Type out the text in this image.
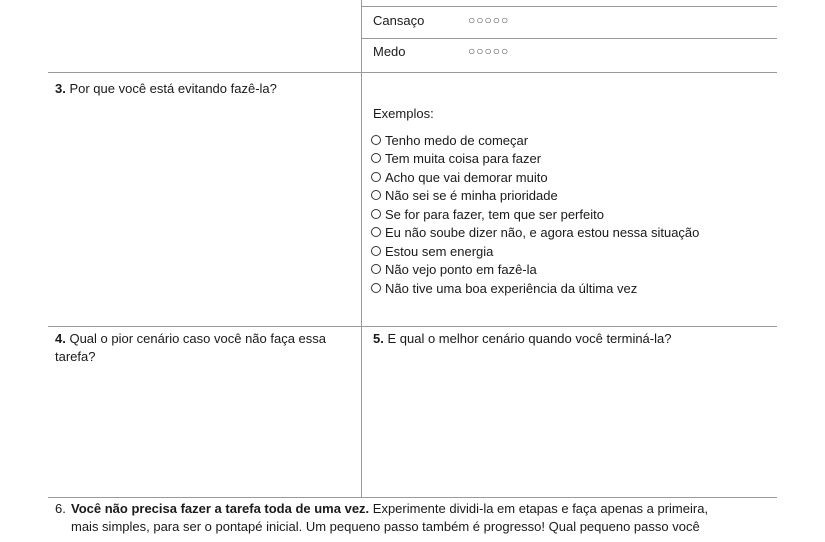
Cansaço	○○○○○
Medo	○○○○○
3. Por que você está evitando fazê-la?
Exemplos:
Tenho medo de começar
Tem muita coisa para fazer
Acho que vai demorar muito
Não sei se é minha prioridade
Se for para fazer, tem que ser perfeito
Eu não soube dizer não, e agora estou nessa situação
Estou sem energia
Não vejo ponto em fazê-la
Não tive uma boa experiência da última vez
4. Qual o pior cenário caso você não faça essa
tarefa?
5. E qual o melhor cenário quando você terminá-la?
6. Você não precisa fazer a tarefa toda de uma vez. Experimente dividi-la em etapas e faça apenas a primeira,
mais simples, para ser o pontapé inicial. Um pequeno passo também é progresso! Qual pequeno passo você
